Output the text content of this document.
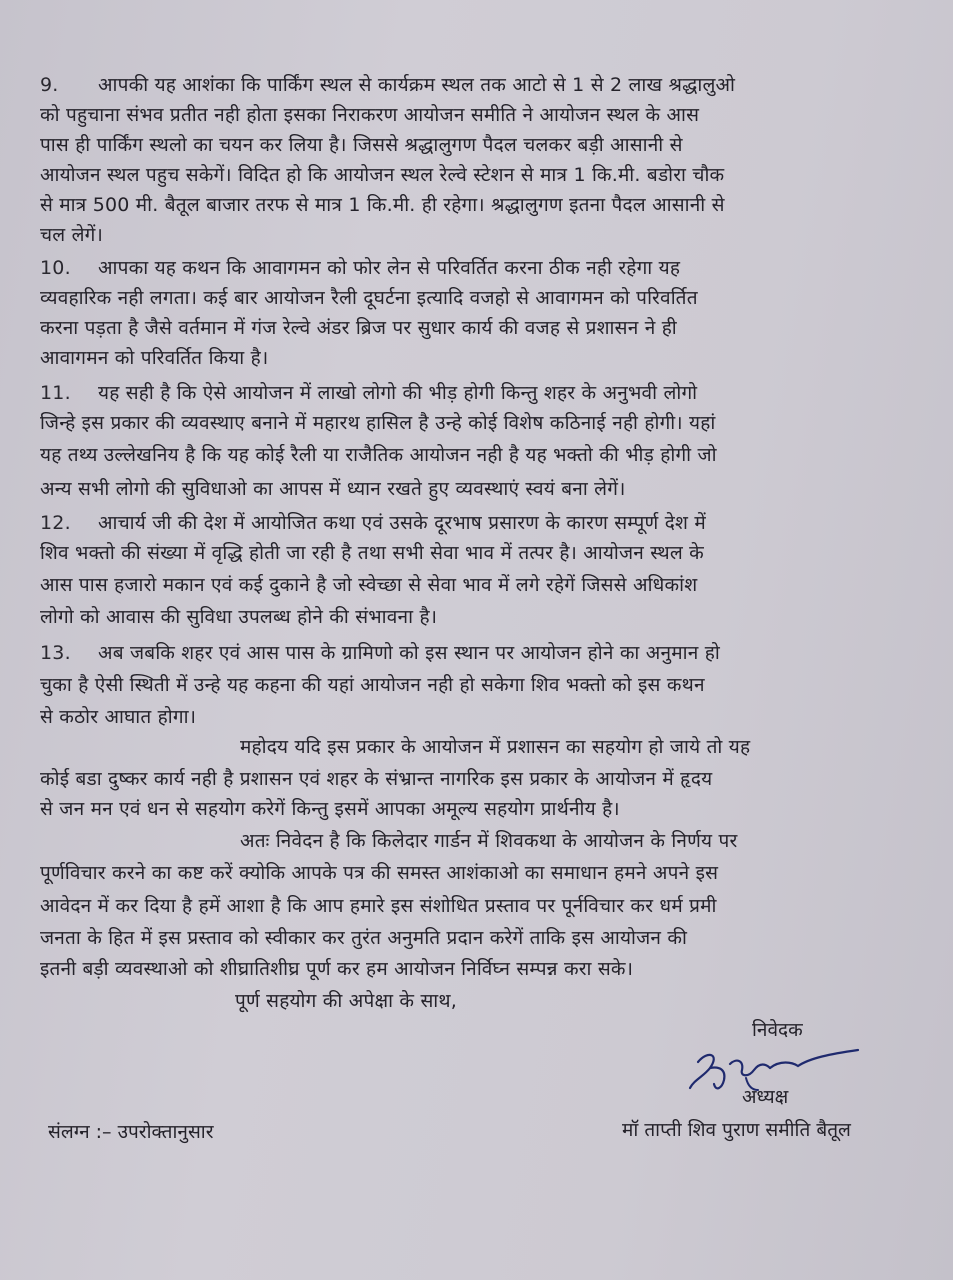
9. आपकी यह आशंका कि पार्किंग स्थल से कार्यक्रम स्थल तक आटो से 1 से 2 लाख श्रद्धालुओ
को पहुचाना संभव प्रतीत नही होता इसका निराकरण आयोजन समीति ने आयोजन स्थल के आस
पास ही पार्किंग स्थलो का चयन कर लिया है। जिससे श्रद्धालुगण पैदल चलकर बड़ी आसानी से
आयोजन स्थल पहुच सकेगें। विदित हो कि आयोजन स्थल रेल्वे स्टेशन से मात्र 1 कि.मी. बडोरा चौक
से मात्र 500 मी. बैतूल बाजार तरफ से मात्र 1 कि.मी. ही रहेगा। श्रद्धालुगण इतना पैदल आसानी से
चल लेगें।
10. आपका यह कथन कि आवागमन को फोर लेन से परिवर्तित करना ठीक नही रहेगा यह
व्यवहारिक नही लगता। कई बार आयोजन रैली दूघर्टना इत्यादि वजहो से आवागमन को परिवर्तित
करना पड़ता है जैसे वर्तमान में गंज रेल्वे अंडर ब्रिज पर सुधार कार्य की वजह से प्रशासन ने ही
आवागमन को परिवर्तित किया है।
11. यह सही है कि ऐसे आयोजन में लाखो लोगो की भीड़ होगी किन्तु शहर के अनुभवी लोगो
जिन्हे इस प्रकार की व्यवस्थाए बनाने में महारथ हासिल है उन्हे कोई विशेष कठिनाई नही होगी। यहां
यह तथ्य उल्लेखनिय है कि यह कोई रैली या राजैतिक आयोजन नही है यह भक्तो की भीड़ होगी जो
अन्य सभी लोगो की सुविधाओ का आपस में ध्यान रखते हुए व्यवस्थाएं स्वयं बना लेगें।
12. आचार्य जी की देश में आयोजित कथा एवं उसके दूरभाष प्रसारण के कारण सम्पूर्ण देश में
शिव भक्तो की संख्या में वृद्धि होती जा रही है तथा सभी सेवा भाव में तत्पर है। आयोजन स्थल के
आस पास हजारो मकान एवं कई दुकाने है जो स्वेच्छा से सेवा भाव में लगे रहेगें जिससे अधिकांश
लोगो को आवास की सुविधा उपलब्ध होने की संभावना है।
13. अब जबकि शहर एवं आस पास के ग्रामिणो को इस स्थान पर आयोजन होने का अनुमान हो
चुका है ऐसी स्थिती में उन्हे यह कहना की यहां आयोजन नही हो सकेगा शिव भक्तो को इस कथन
से कठोर आघात होगा।
महोदय यदि इस प्रकार के आयोजन में प्रशासन का सहयोग हो जाये तो यह
कोई बडा दुष्कर कार्य नही है प्रशासन एवं शहर के संभ्रान्त नागरिक इस प्रकार के आयोजन में हृदय
से जन मन एवं धन से सहयोग करेगें किन्तु इसमें आपका अमूल्य सहयोग प्रार्थनीय है।
अतः निवेदन है कि किलेदार गार्डन में शिवकथा के आयोजन के निर्णय पर
पूर्णविचार करने का कष्ट करें क्योकि आपके पत्र की समस्त आशंकाओ का समाधान हमने अपने इस
आवेदन में कर दिया है हमें आशा है कि आप हमारे इस संशोधित प्रस्ताव पर पूर्नविचार कर धर्म प्रमी
जनता के हित में इस प्रस्ताव को स्वीकार कर तुरंत अनुमति प्रदान करेगें ताकि इस आयोजन की
इतनी बड़ी व्यवस्थाओ को शीघ्रातिशीघ्र पूर्ण कर हम आयोजन निर्विघ्न सम्पन्न करा सके।
पूर्ण सहयोग की अपेक्षा के साथ,
निवेदक
अध्यक्ष
मॉ ताप्ती शिव पुराण समीति बैतूल
संलग्न :– उपरोक्तानुसार
